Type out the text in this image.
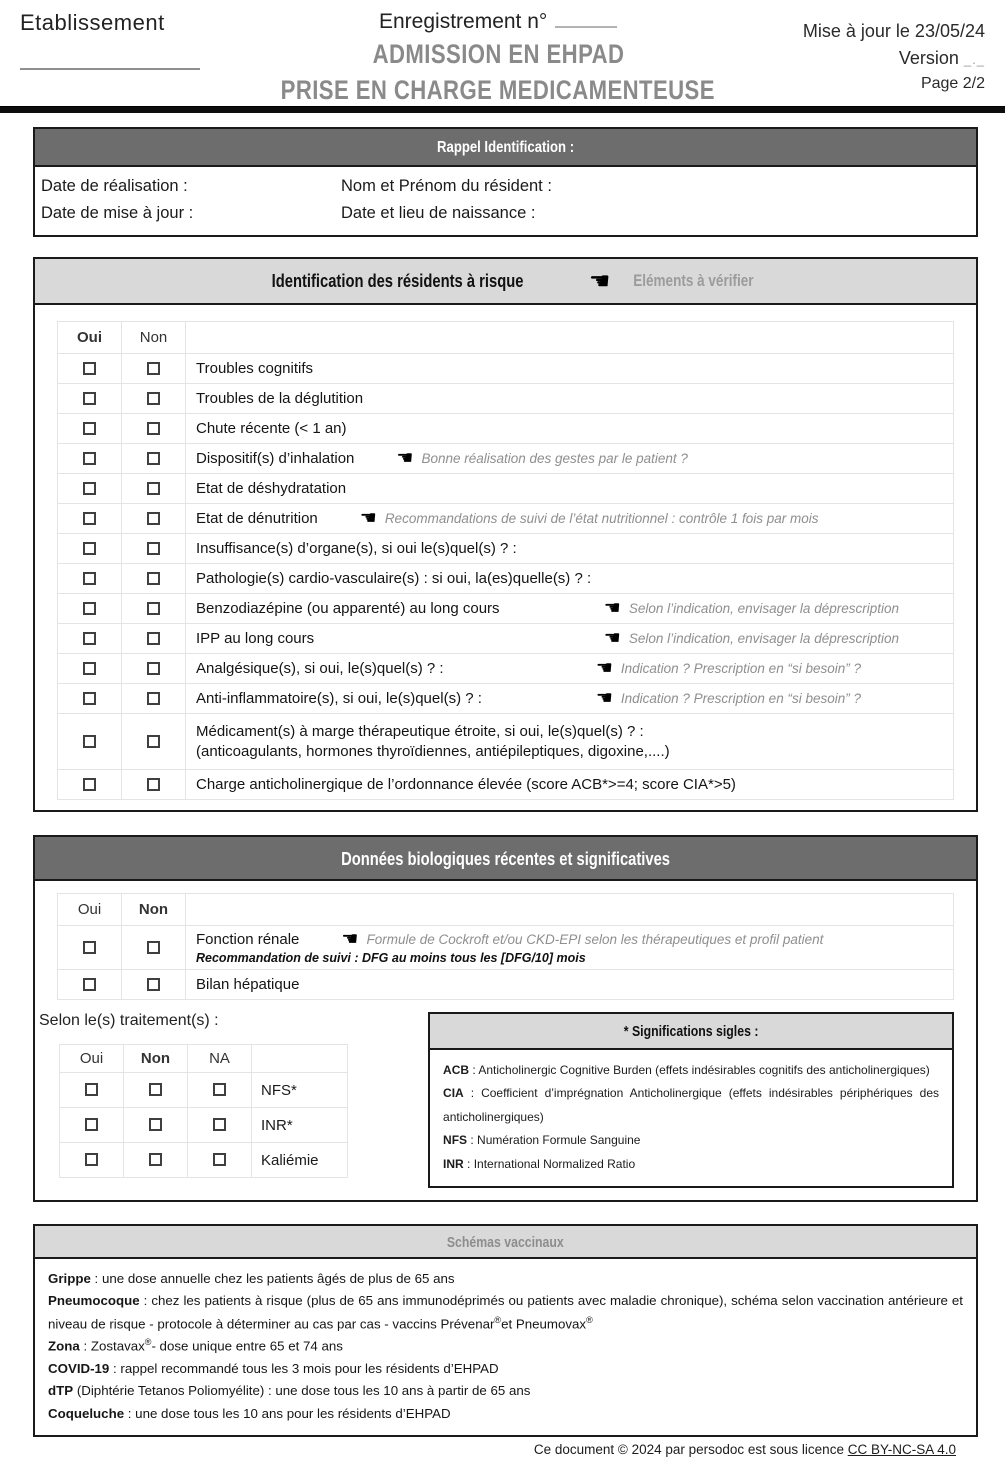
Etablissement	Enregistrement n°
ADMISSION EN EHPAD
PRISE EN CHARGE MEDICAMENTEUSE
Mise à jour le 23/05/24
Version _._
Page 2/2
Rappel Identification :
Date de réalisation :	Nom et Prénom du résident :
Date de mise à jour :	Date et lieu de naissance :
Identification des résidents à risque	☚ Eléments à vérifier
Oui	Non	

		Troubles cognitifs

		Troubles de la déglutition

		Chute récente (< 1 an)

		Dispositif(s) d’inhalation ☚ Bonne réalisation des gestes par le patient ?

		Etat de déshydratation

		Etat de dénutrition ☚ Recommandations de suivi de l’état nutritionnel : contrôle 1 fois par mois

		Insuffisance(s) d’organe(s), si oui le(s)quel(s) ? :

		Pathologie(s) cardio-vasculaire(s) : si oui, la(es)quelle(s) ? :

		Benzodiazépine (ou apparenté) au long cours ☚ Selon l’indication, envisager la déprescription

		IPP au long cours ☚ Selon l’indication, envisager la déprescription

		Analgésique(s), si oui, le(s)quel(s) ? : ☚ Indication ? Prescription en “si besoin” ?

		Anti-inflammatoire(s), si oui, le(s)quel(s) ? : ☚ Indication ? Prescription en “si besoin” ?

		Médicament(s) à marge thérapeutique étroite, si oui, le(s)quel(s) ? :
(anticoagulants, hormones thyroïdiennes, antiépileptiques, digoxine,....)

		Charge anticholinergique de l’ordonnance élevée (score ACB*>=4; score CIA*>5)
Données biologiques récentes et significatives
Oui	Non	

		Fonction rénale ☚ Formule de Cockroft et/ou CKD-EPI selon les thérapeutiques et profil patient
Recommandation de suivi : DFG au moins tous les [DFG/10] mois

		Bilan hépatique
Selon le(s) traitement(s) :
Oui	Non	NA	
			NFS*
			INR*
			Kaliémie
* Significations sigles :
ACB : Anticholinergic Cognitive Burden (effets indésirables cognitifs des anticholinergiques)
CIA : Coefficient d’imprégnation Anticholinergique (effets indésirables périphériques des anticholinergiques)
NFS : Numération Formule Sanguine
INR : International Normalized Ratio
Schémas vaccinaux
Grippe : une dose annuelle chez les patients âgés de plus de 65 ans
Pneumocoque : chez les patients à risque (plus de 65 ans immunodéprimés ou patients avec maladie chronique), schéma selon vaccination antérieure et niveau de risque - protocole à déterminer au cas par cas - vaccins Prévenar®et Pneumovax®
Zona : Zostavax®- dose unique entre 65 et 74 ans
COVID-19 : rappel recommandé tous les 3 mois pour les résidents d’EHPAD
dTP (Diphtérie Tetanos Poliomyélite) : une dose tous les 10 ans à partir de 65 ans
Coqueluche : une dose tous les 10 ans pour les résidents d’EHPAD
Ce document © 2024 par persodoc est sous licence CC BY-NC-SA 4.0
